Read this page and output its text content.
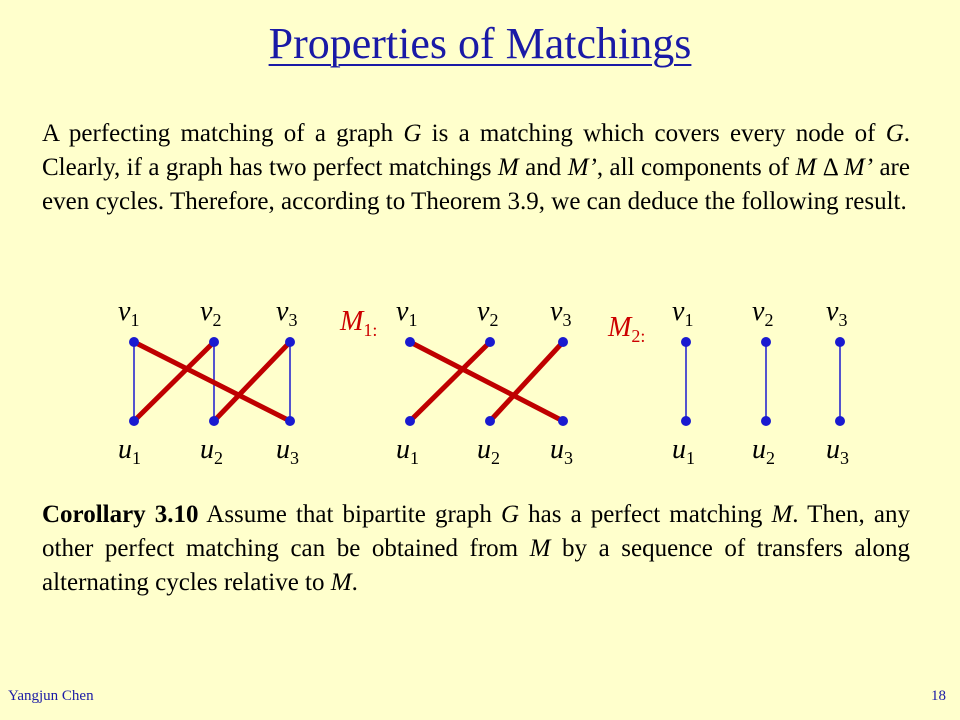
Properties of Matchings
A perfecting matching of a graph G is a matching which covers every node of G. Clearly, if a graph has two perfect matchings M and M’, all components of M Δ M’ are even cycles. Therefore, according to Theorem 3.9, we can deduce the following result.
$v_1$
$u_1$
$v_2$
$u_2$
$v_3$
$u_3$
$v_1$
$u_1$
$v_2$
$u_2$
$v_3$
$u_3$
$v_1$
$u_1$
$v_2$
$u_2$
$v_3$
$u_3$
$M_{1:}$	$M_{2:}$
Corollary 3.10 Assume that bipartite graph G has a perfect matching M. Then, any other perfect matching can be obtained from M by a sequence of transfers along alternating cycles relative to M.
Yangjun Chen	18
